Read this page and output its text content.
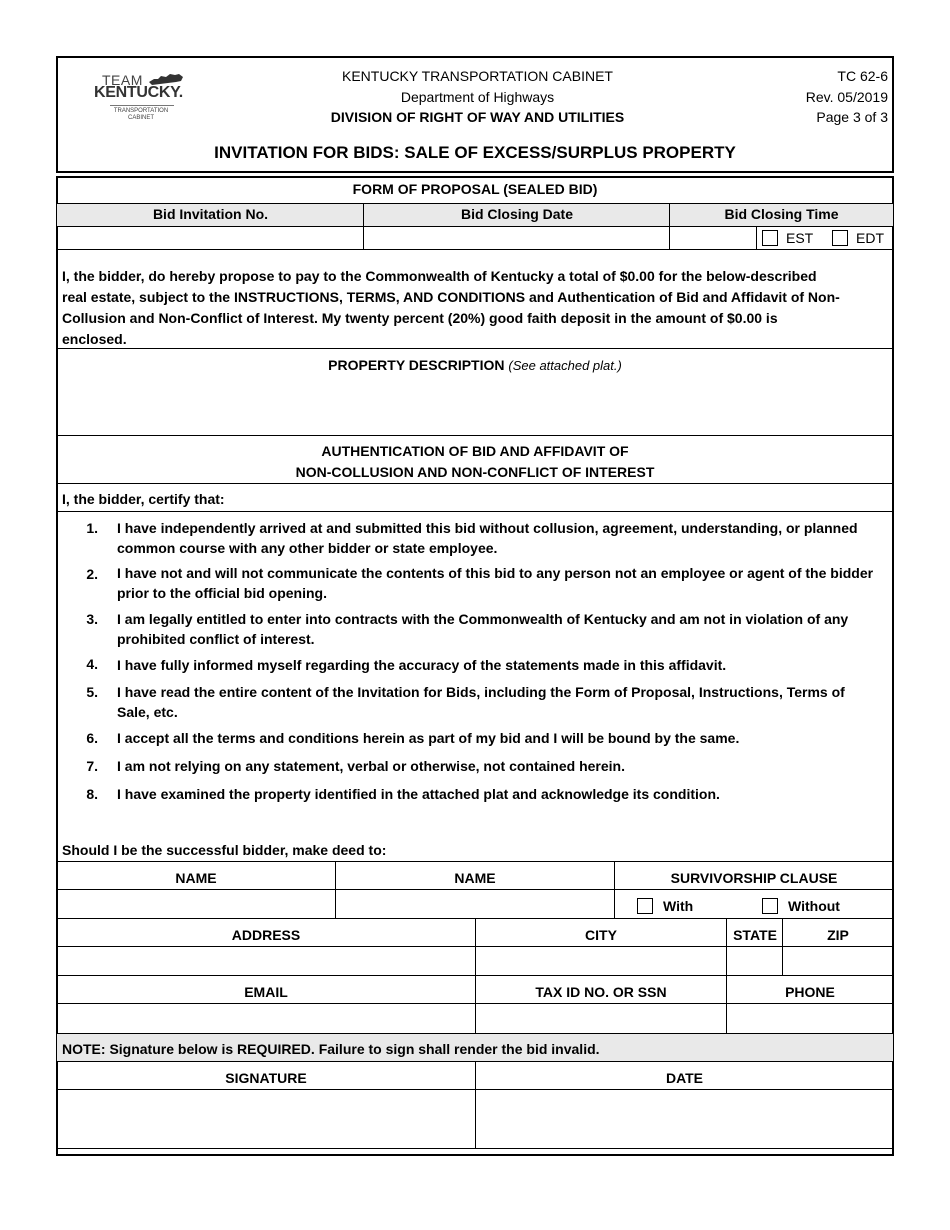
TEAM
KENTUCKY.
TRANSPORTATION
CABINET
KENTUCKY TRANSPORTATION CABINET
Department of Highways
DIVISION OF RIGHT OF WAY AND UTILITIES
TC 62-6
Rev. 05/2019
Page 3 of 3
INVITATION FOR BIDS: SALE OF EXCESS/SURPLUS PROPERTY
FORM OF PROPOSAL (SEALED BID)
Bid Invitation No.	Bid Closing Date	Bid Closing Time
EST	EDT
I, the bidder, do hereby propose to pay to the Commonwealth of Kentucky a total of $0.00 for the below-described
real estate, subject to the INSTRUCTIONS, TERMS, AND CONDITIONS and Authentication of Bid and Affidavit of Non-
Collusion and Non-Conflict of Interest. My twenty percent (20%) good faith deposit in the amount of $0.00 is
enclosed.
PROPERTY DESCRIPTION (See attached plat.)
AUTHENTICATION OF BID AND AFFIDAVIT OF
NON-COLLUSION AND NON-CONFLICT OF INTEREST
I, the bidder, certify that:
1. I have independently arrived at and submitted this bid without collusion, agreement, understanding, or planned
common course with any other bidder or state employee.
2. I have not and will not communicate the contents of this bid to any person not an employee or agent of the bidder
prior to the official bid opening.
3. I am legally entitled to enter into contracts with the Commonwealth of Kentucky and am not in violation of any
prohibited conflict of interest.
4. I have fully informed myself regarding the accuracy of the statements made in this affidavit.
5. I have read the entire content of the Invitation for Bids, including the Form of Proposal, Instructions, Terms of
Sale, etc.
6. I accept all the terms and conditions herein as part of my bid and I will be bound by the same.
7. I am not relying on any statement, verbal or otherwise, not contained herein.
8. I have examined the property identified in the attached plat and acknowledge its condition.
Should I be the successful bidder, make deed to:
NAME	NAME	SURVIVORSHIP CLAUSE
With	Without
ADDRESS	CITY	STATE	ZIP
EMAIL	TAX ID NO. OR SSN	PHONE
NOTE: Signature below is REQUIRED. Failure to sign shall render the bid invalid.
SIGNATURE	DATE
